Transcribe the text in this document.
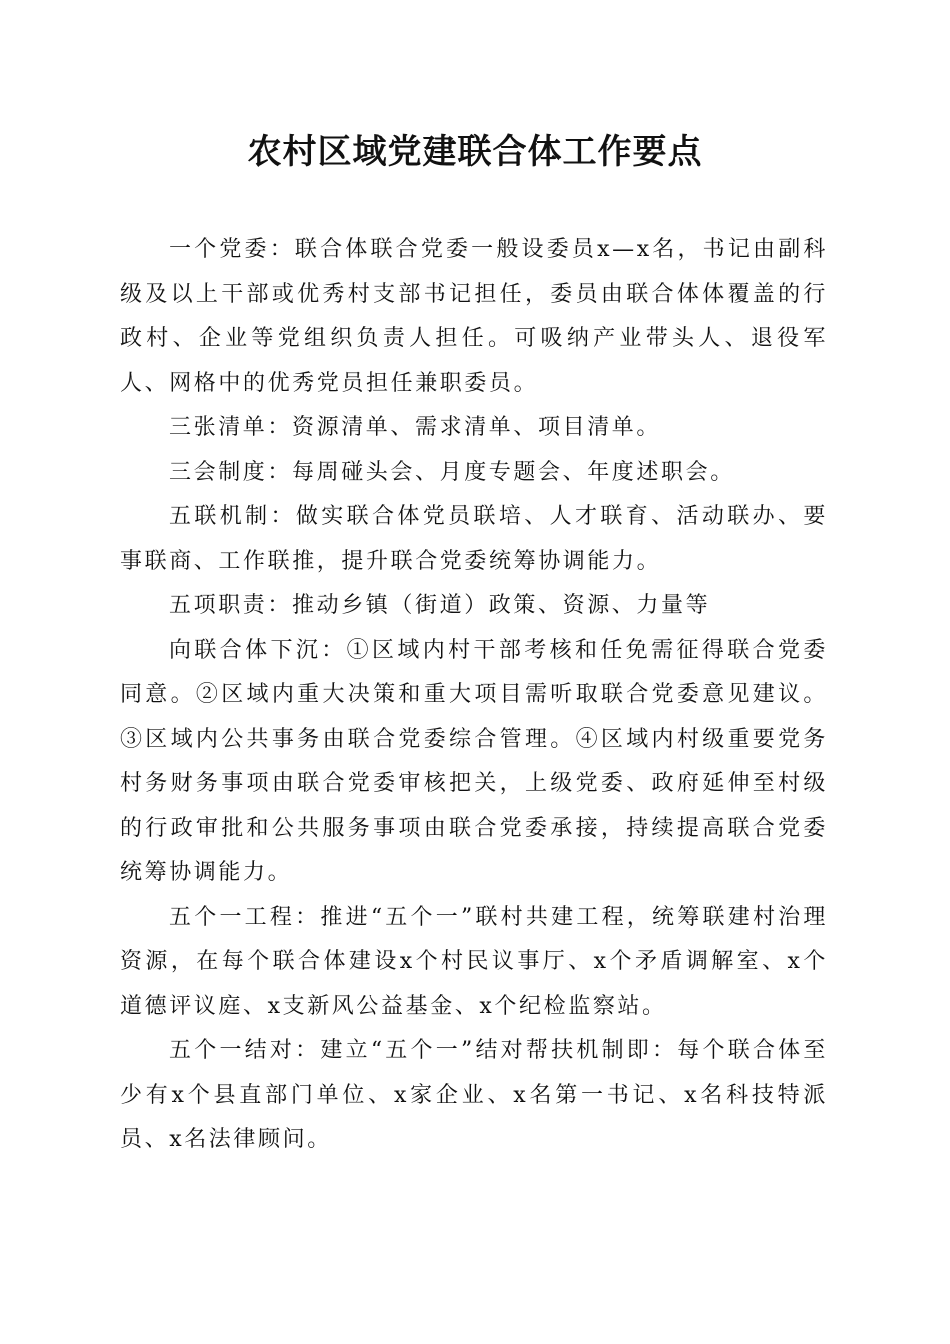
农村区域党建联合体工作要点

一个党委：联合体联合党委一般设委员x—x名，书记由副科级及以上干部或优秀村支部书记担任，委员由联合体体覆盖的行政村、企业等党组织负责人担任。可吸纳产业带头人、退役军人、网格中的优秀党员担任兼职委员。

三张清单：资源清单、需求清单、项目清单。

三会制度：每周碰头会、月度专题会、年度述职会。

五联机制：做实联合体党员联培、人才联育、活动联办、要事联商、工作联推，提升联合党委统筹协调能力。

五项职责：推动乡镇（街道）政策、资源、力量等

向联合体下沉：①区域内村干部考核和任免需征得联合党委同意。②区域内重大决策和重大项目需听取联合党委意见建议。③区域内公共事务由联合党委综合管理。④区域内村级重要党务村务财务事项由联合党委审核把关，上级党委、政府延伸至村级的行政审批和公共服务事项由联合党委承接，持续提高联合党委统筹协调能力。

五个一工程：推进“五个一”联村共建工程，统筹联建村治理资源，在每个联合体建设x个村民议事厅、x个矛盾调解室、x个道德评议庭、x支新风公益基金、x个纪检监察站。

五个一结对：建立“五个一”结对帮扶机制即：每个联合体至少有x个县直部门单位、x家企业、x名第一书记、x名科技特派员、x名法律顾问。
